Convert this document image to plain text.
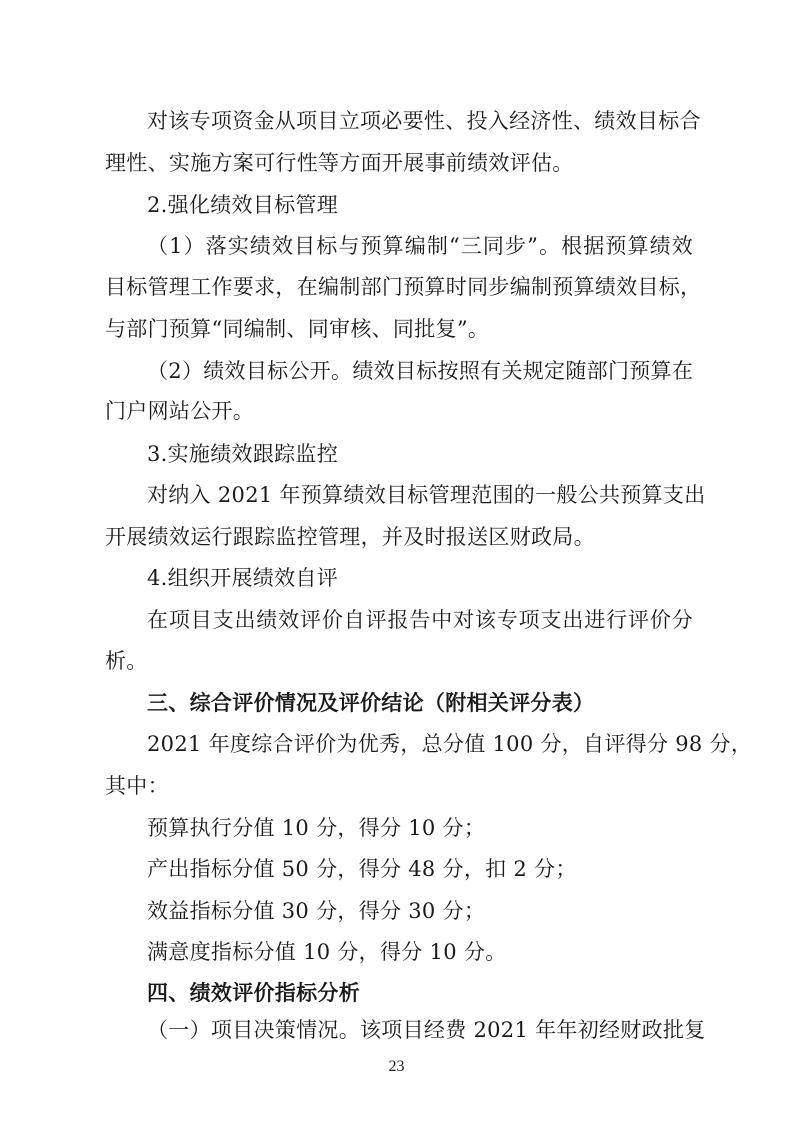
对该专项资金从项目立项必要性、投入经济性、绩效目标合
理性、实施方案可行性等方面开展事前绩效评估。
2.强化绩效目标管理
（1）落实绩效目标与预算编制“三同步”。根据预算绩效
目标管理工作要求，在编制部门预算时同步编制预算绩效目标，
与部门预算“同编制、同审核、同批复”。
（2）绩效目标公开。绩效目标按照有关规定随部门预算在
门户网站公开。
3.实施绩效跟踪监控
对纳入 2021 年预算绩效目标管理范围的一般公共预算支出
开展绩效运行跟踪监控管理，并及时报送区财政局。
4.组织开展绩效自评
在项目支出绩效评价自评报告中对该专项支出进行评价分
析。
三、综合评价情况及评价结论（附相关评分表）
2021 年度综合评价为优秀，总分值 100 分，自评得分 98 分，
其中：
预算执行分值 10 分，得分 10 分；
产出指标分值 50 分，得分 48 分，扣 2 分；
效益指标分值 30 分，得分 30 分；
满意度指标分值 10 分，得分 10 分。
四、绩效评价指标分析
（一）项目决策情况。该项目经费 2021 年年初经财政批复
23
